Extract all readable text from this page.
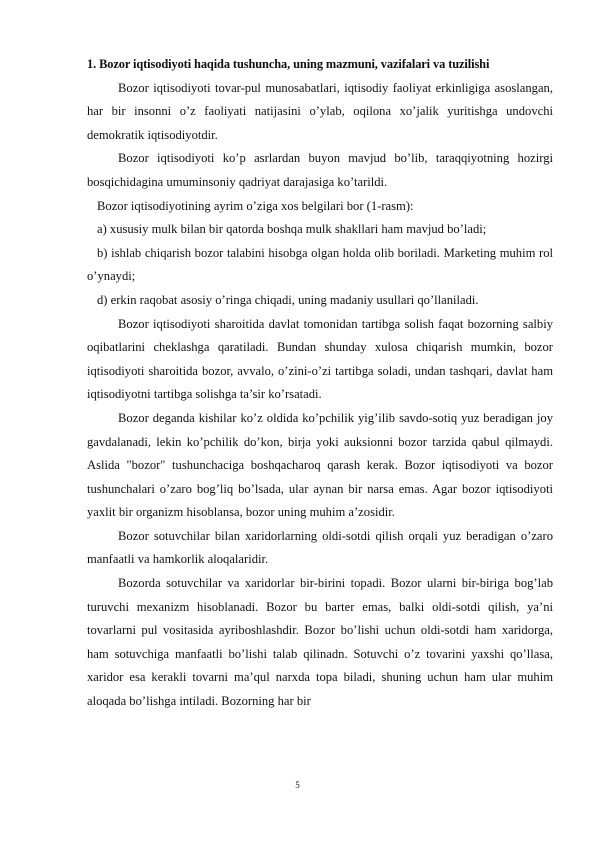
1. Bozor iqtisodiyoti haqida tushuncha, uning mazmuni, vazifalari va tuzilishi

Bozor iqtisodiyoti tovar-pul munosabatlari, iqtisodiy faoliyat erkinligiga asoslangan, har bir insonni o’z faoliyati natijasini o’ylab, oqilona xo’jalik yuritishga undovchi demokratik iqtisodiyotdir.

Bozor iqtisodiyoti ko’p asrlardan buyon mavjud bo’lib, taraqqiyotning hozirgi bosqichidagina umuminsoniy qadriyat darajasiga ko’tarildi.

Bozor iqtisodiyotining ayrim o’ziga xos belgilari bor (1-rasm):

a) xususiy mulk bilan bir qatorda boshqa mulk shakllari ham mavjud bo’ladi;

b) ishlab chiqarish bozor talabini hisobga olgan holda olib boriladi. Marketing muhim rol o’ynaydi;

d) erkin raqobat asosiy o’ringa chiqadi, uning madaniy usullari qo’llaniladi.

Bozor iqtisodiyoti sharoitida davlat tomonidan tartibga solish faqat bozorning salbiy oqibatlarini cheklashga qaratiladi. Bundan shunday xulosa chiqarish mumkin, bozor iqtisodiyoti sharoitida bozor, avvalo, o’zini-o’zi tartibga soladi, undan tashqari, davlat ham iqtisodiyotni tartibga solishga ta’sir ko’rsatadi.

Bozor deganda kishilar ko’z oldida ko’pchilik yig’ilib savdo-sotiq yuz beradigan joy gavdalanadi, lekin ko’pchilik do’kon, birja yoki auksionni bozor tarzida qabul qilmaydi. Aslida "bozor" tushunchaciga boshqacharoq qarash kerak. Bozor iqtisodiyoti va bozor tushunchalari o’zaro bog’liq bo’lsada, ular aynan bir narsa emas. Agar bozor iqtisodiyoti yaxlit bir organizm hisoblansa, bozor uning muhim a’zosidir.

Bozor sotuvchilar bilan xaridorlarning oldi-sotdi qilish orqali yuz beradigan o’zaro manfaatli va hamkorlik aloqalaridir.

Bozorda sotuvchilar va xaridorlar bir-birini topadi. Bozor ularni bir-biriga bog’lab turuvchi mexanizm hisoblanadi. Bozor bu barter emas, balki oldi-sotdi qilish, ya’ni tovarlarni pul vositasida ayriboshlashdir. Bozor bo’lishi uchun oldi-sotdi ham xaridorga, ham sotuvchiga manfaatli bo’lishi talab qilinadn. Sotuvchi o’z tovarini yaxshi qo’llasa, xaridor esa kerakli tovarni ma’qul narxda topa biladi, shuning uchun ham ular muhim aloqada bo’lishga intiladi. Bozorning har bir

5
